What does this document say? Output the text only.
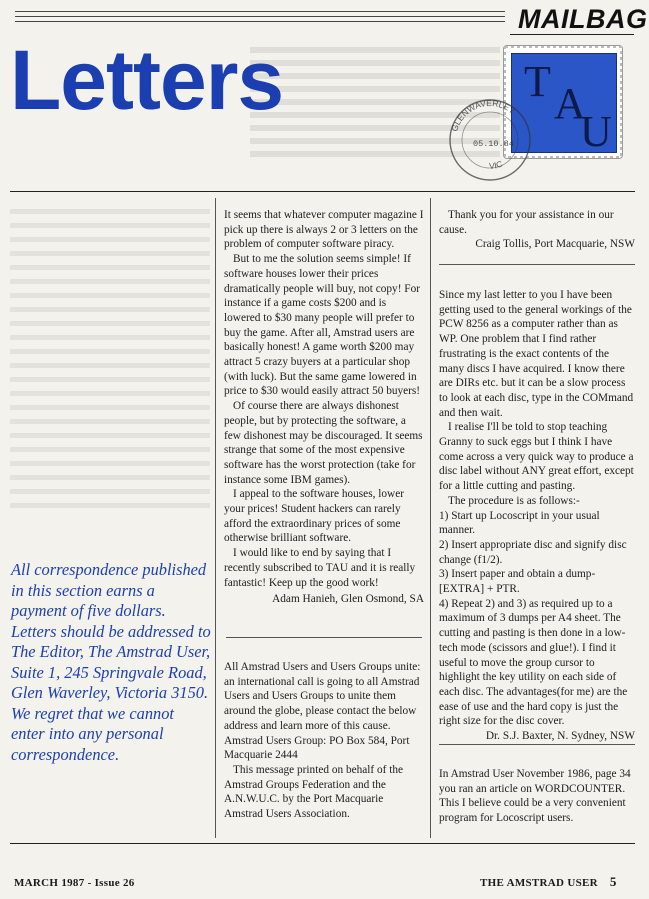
MAILBAG
Letters	T A
U
GLENWAVERLEY
05.10.84
VIC

It seems that whatever computer magazine I pick up there is always 2 or 3 letters on the problem of computer software piracy.

But to me the solution seems simple! If software houses lower their prices dramatically people will buy, not copy! For instance if a game costs $200 and is lowered to $30 many people will prefer to buy the game. After all, Amstrad users are basically honest! A game worth $200 may attract 5 crazy buyers at a particular shop (with luck). But the same game lowered in price to $30 would easily attract 50 buyers!

Of course there are always dishonest people, but by protecting the software, a few dishonest may be discouraged. It seems strange that some of the most expensive software has the worst protection (take for instance some IBM games).

I appeal to the software houses, lower your prices! Student hackers can rarely afford the extraordinary prices of some otherwise brilliant software.

I would like to end by saying that I recently subscribed to TAU and it is really fantastic! Keep up the good work!

Adam Hanieh, Glen Osmond, SA

All Amstrad Users and Users Groups unite: an international call is going to all Amstrad Users and Users Groups to unite them around the globe, please contact the below address and learn more of this cause.

Amstrad Users Group: PO Box 584, Port Macquarie 2444

This message printed on behalf of the Amstrad Groups Federation and the A.N.W.U.C. by the Port Macquarie Amstrad Users Association.

Thank you for your assistance in our cause.

Craig Tollis, Port Macquarie, NSW

Since my last letter to you I have been getting used to the general workings of the PCW 8256 as a computer rather than as WP. One problem that I find rather frustrating is the exact contents of the many discs I have acquired. I know there are DIRs etc. but it can be a slow process to look at each disc, type in the COMmand and then wait.

I realise I'll be told to stop teaching Granny to suck eggs but I think I have come across a very quick way to produce a disc label without ANY great effort, except for a little cutting and pasting.

The procedure is as follows:-

1) Start up Locoscript in your usual manner.

2) Insert appropriate disc and signify disc change (f1/2).

3) Insert paper and obtain a dump-[EXTRA] + PTR.

4) Repeat 2) and 3) as required up to a maximum of 3 dumps per A4 sheet. The cutting and pasting is then done in a low-tech mode (scissors and glue!). I find it useful to move the group cursor to highlight the key utility on each side of each disc. The advantages(for me) are the ease of use and the hard copy is just the right size for the disc cover.

Dr. S.J. Baxter, N. Sydney, NSW

In Amstrad User November 1986, page 34 you ran an article on WORDCOUNTER. This I believe could be a very convenient program for Locoscript users.

All correspondence published in this section earns a payment of five dollars.

Letters should be addressed to The Editor, The Amstrad User, Suite 1, 245 Springvale Road, Glen Waverley, Victoria 3150.

We regret that we cannot enter into any personal correspondence.

MARCH 1987 - Issue 26	THE AMSTRAD USER 5
